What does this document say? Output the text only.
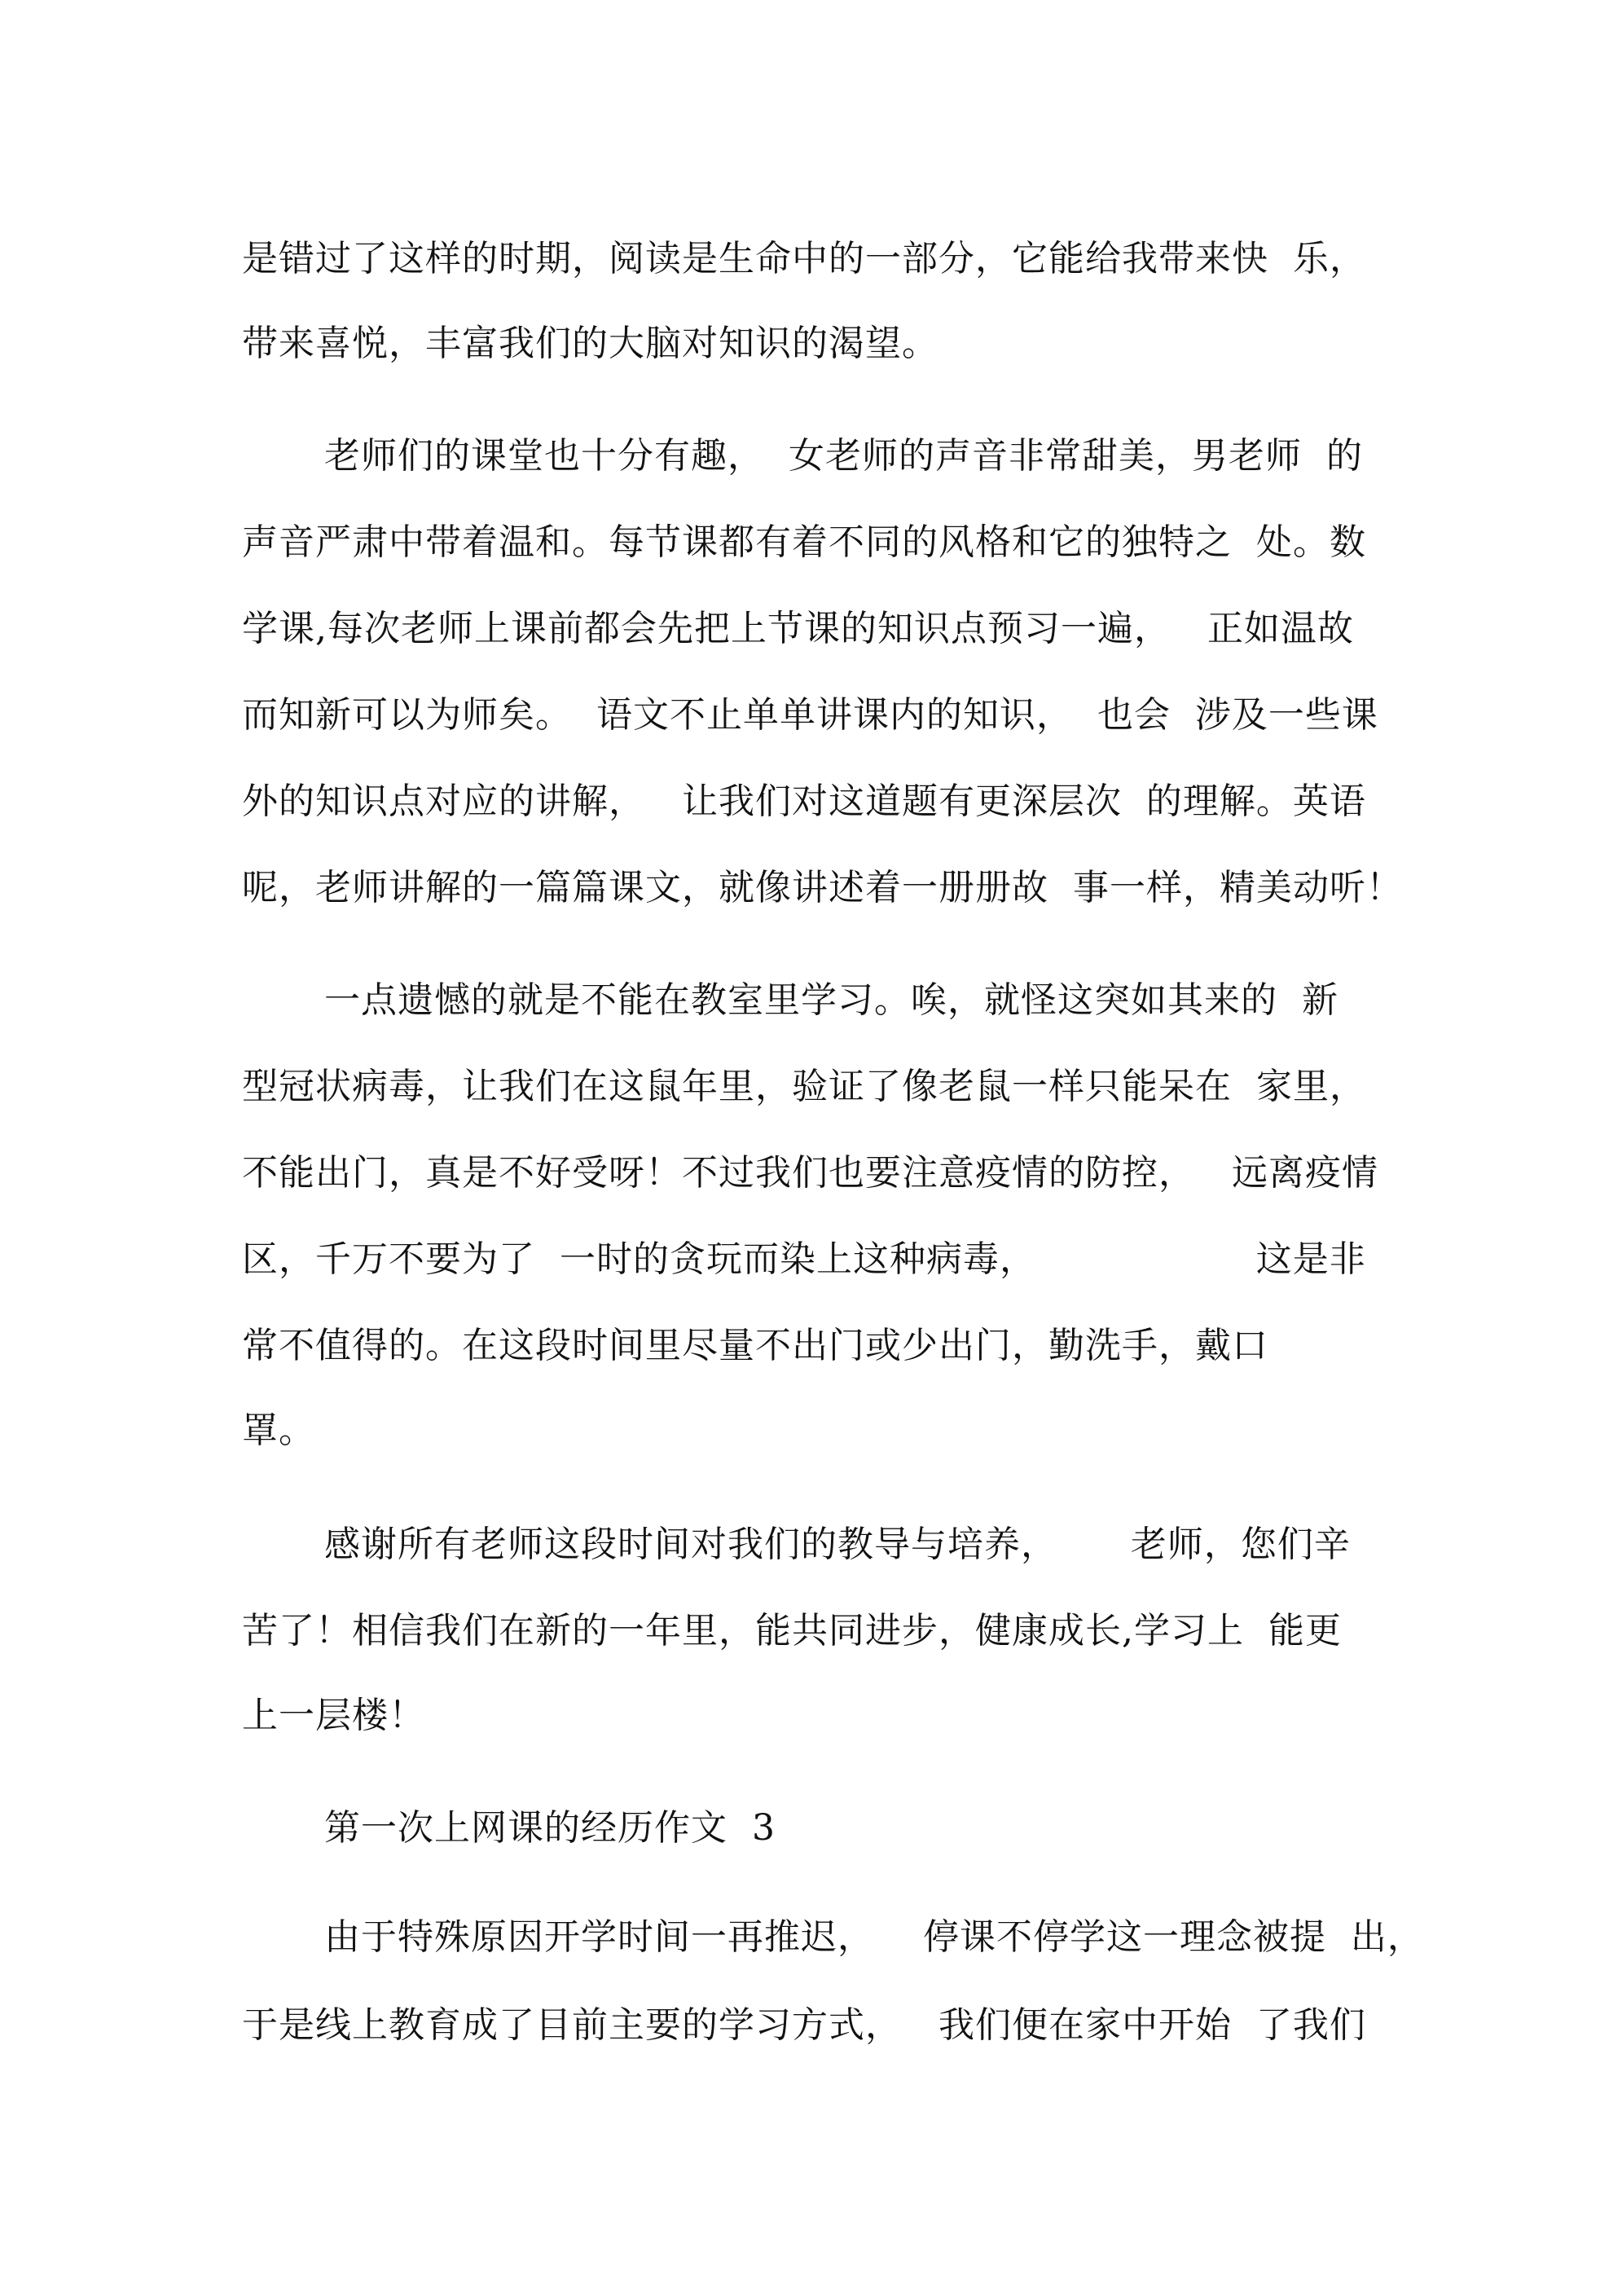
是错过了这样的时期，阅读是生命中的一部分，它能给我带来快  乐，
带来喜悦，丰富我们的大脑对知识的渴望。
老师们的课堂也十分有趣，  女老师的声音非常甜美，男老师  的
声音严肃中带着温和。每节课都有着不同的风格和它的独特之  处。数
学课,每次老师上课前都会先把上节课的知识点预习一遍，   正如温故
而知新可以为师矣。  语文不止单单讲课内的知识，  也会  涉及一些课
外的知识点对应的讲解，   让我们对这道题有更深层次  的理解。英语
呢，老师讲解的一篇篇课文，就像讲述着一册册故  事一样，精美动听！
一点遗憾的就是不能在教室里学习。唉，就怪这突如其来的  新
型冠状病毒，让我们在这鼠年里，验证了像老鼠一样只能呆在  家里，
不能出门，真是不好受呀！不过我们也要注意疫情的防控，   远离疫情
区，千万不要为了  一时的贪玩而染上这种病毒，                  这是非
常不值得的。在这段时间里尽量不出门或少出门，勤洗手，戴口
罩。
感谢所有老师这段时间对我们的教导与培养，      老师，您们辛
苦了！相信我们在新的一年里，能共同进步，健康成长,学习上  能更
上一层楼！
第一次上网课的经历作文  3
由于特殊原因开学时间一再推迟，    停课不停学这一理念被提  出，
于是线上教育成了目前主要的学习方式，   我们便在家中开始  了我们
